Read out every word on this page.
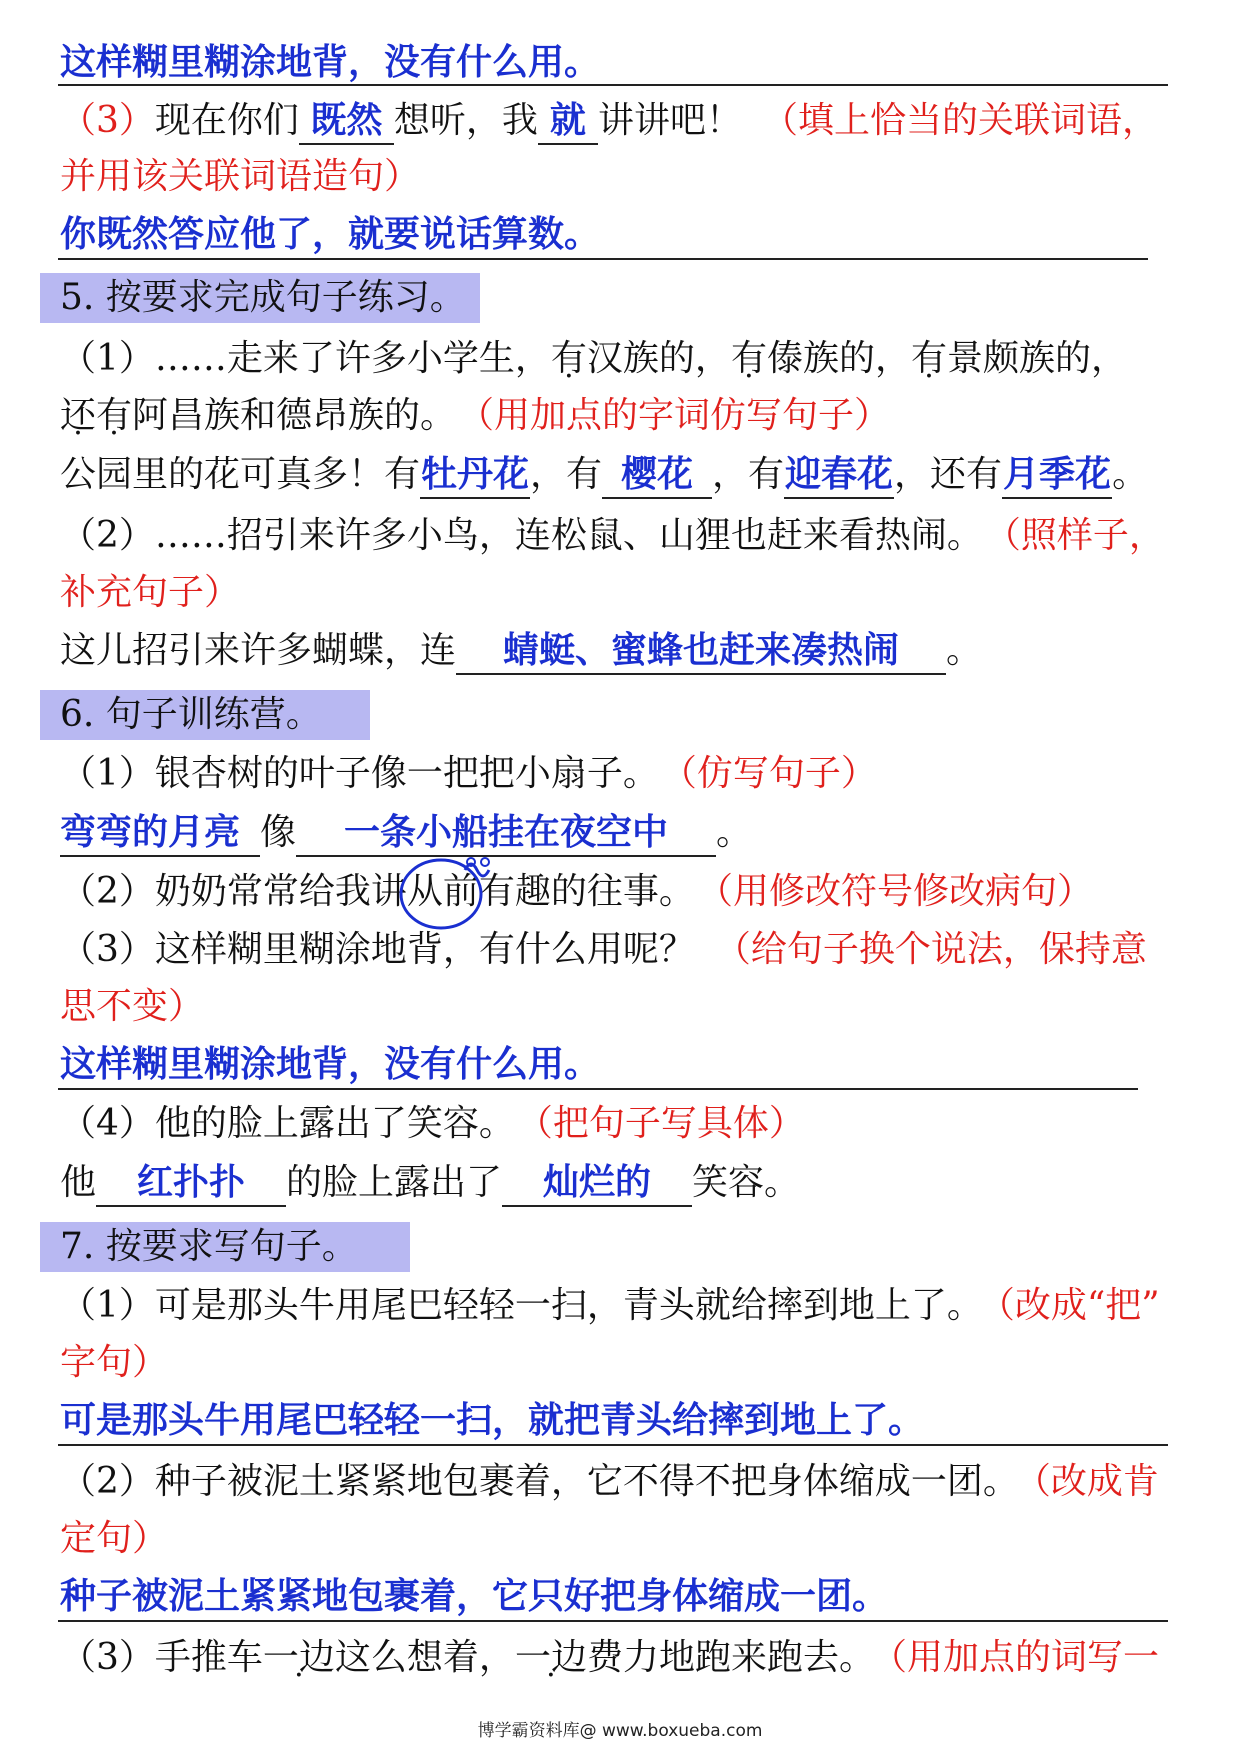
这样糊里糊涂地背，没有什么用。
（3）现在你们 既然 想听，我 就 讲讲吧！ （填上恰当的关联词语，
并用该关联词语造句）
你既然答应他了，就要说话算数。
5. 按要求完成句子练习。
（1）……走来了许多小学生，有汉族的，有傣族的，有景颇族的，
还有阿昌族和德昂族的。 （用加点的字词仿写句子）
公园里的花可真多！有牡丹花，有 樱花 ，有迎春花，还有月季花。
（2）……招引来许多小鸟，连松鼠、山狸也赶来看热闹。 （照样子，
补充句子）
这儿招引来许多蝴蝶，连 蜻蜓、蜜蜂也赶来凑热闹 。
6. 句子训练营。
（1）银杏树的叶子像一把把小扇子。 （仿写句子）
弯弯的月亮 像 一条小船挂在夜空中 。
（2）奶奶常常给我讲从前
有趣的往事。 （用修改符号修改病句）
（3）这样糊里糊涂地背，有什么用呢？ （给句子换个说法，保持意
思不变）
这样糊里糊涂地背，没有什么用。
（4）他的脸上露出了笑容。 （把句子写具体）
他 红扑扑 的脸上露出了 灿烂的 笑容。
7. 按要求写句子。
（1）可是那头牛用尾巴轻轻一扫，青头就给摔到地上了。 （改成“把”
字句）
可是那头牛用尾巴轻轻一扫，就把青头给摔到地上了。
（2）种子被泥土紧紧地包裹着，它不得不把身体缩成一团。 （改成肯
定句）
种子被泥土紧紧地包裹着，它只好把身体缩成一团。
（3）手推车一边这么想着，一边费力地跑来跑去。 （用加点的词写一
博学霸资料库@ www.boxueba.com
